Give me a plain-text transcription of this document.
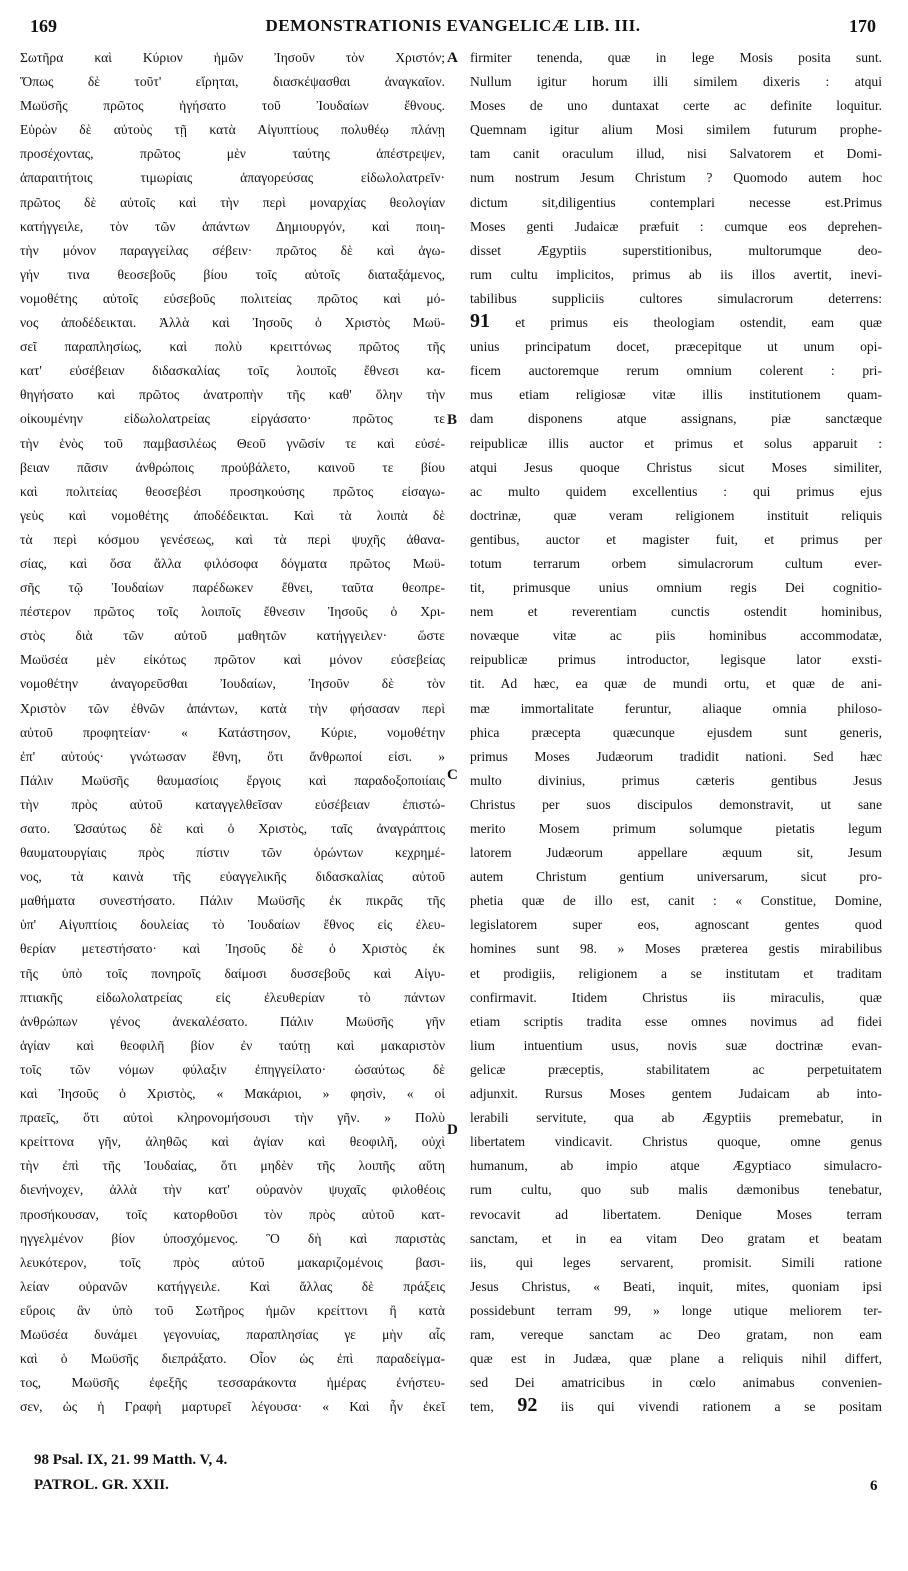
169	DEMONSTRATIONIS EVANGELICÆ LIB. III.	170
Σωτῆρα καὶ Κύριον ἡμῶν Ἰησοῦν τὸν Χριστόν;
Ὅπως δὲ τοῦτ' εἴρηται, διασκέψασθαι ἀναγκαῖον.
Μωϋσῆς πρῶτος ἡγήσατο τοῦ Ἰουδαίων ἔθνους.
Εὑρὼν δὲ αὐτοὺς τῇ κατὰ Αἰγυπτίους πολυθέῳ πλάνῃ
προσέχοντας, πρῶτος μὲν ταύτης ἀπέστρεψεν,
ἀπαραιτήτοις τιμωρίαις ἀπαγορεύσας εἰδωλολατρεῖν·
πρῶτος δὲ αὐτοῖς καὶ τὴν περὶ μοναρχίας θεολογίαν
κατήγγειλε, τὸν τῶν ἁπάντων Δημιουργόν, καὶ ποιη-
τὴν μόνον παραγγείλας σέβειν· πρῶτος δὲ καὶ ἀγω-
γήν τινα θεοσεβοῦς βίου τοῖς αὐτοῖς διαταξάμενος,
νομοθέτης αὐτοῖς εὐσεβοῦς πολιτείας πρῶτος καὶ μό-
νος ἀποδέδεικται. Ἀλλὰ καὶ Ἰησοῦς ὁ Χριστὸς Μωϋ-
σεῖ παραπλησίως, καὶ πολὺ κρειττόνως πρῶτος τῆς
κατ' εὐσέβειαν διδασκαλίας τοῖς λοιποῖς ἔθνεσι κα-
θηγήσατο καὶ πρῶτος ἀνατροπὴν τῆς καθ' ὅλην τὴν
οἰκουμένην εἰδωλολατρείας εἰργάσατο· πρῶτος τε
τὴν ἑνὸς τοῦ παμβασιλέως Θεοῦ γνῶσίν τε καὶ εὐσέ-
βειαν πᾶσιν ἀνθρώποις προὐβάλετο, καινοῦ τε βίου
καὶ πολιτείας θεοσεβέσι προσηκούσης πρῶτος εἰσαγω-
γεὺς καὶ νομοθέτης ἀποδέδεικται. Καὶ τὰ λοιπὰ δὲ
τὰ περὶ κόσμου γενέσεως, καὶ τὰ περὶ ψυχῆς ἀθανα-
σίας, καὶ ὅσα ἄλλα φιλόσοφα δόγματα πρῶτος Μωϋ-
σῆς τῷ Ἰουδαίων παρέδωκεν ἔθνει, ταῦτα θεοπρε-
πέστερον πρῶτος τοῖς λοιποῖς ἔθνεσιν Ἰησοῦς ὁ Χρι-
στὸς διὰ τῶν αὐτοῦ μαθητῶν κατήγγειλεν· ὥστε
Μωϋσέα μὲν εἰκότως πρῶτον καὶ μόνον εὐσεβείας
νομοθέτην ἀναγορεῦσθαι Ἰουδαίων, Ἰησοῦν δὲ τὸν
Χριστὸν τῶν ἐθνῶν ἁπάντων, κατὰ τὴν φήσασαν περὶ
αὐτοῦ προφητείαν· « Κατάστησον, Κύριε, νομοθέτην
ἐπ' αὐτούς· γνώτωσαν ἔθνη, ὅτι ἄνθρωποί εἰσι. »
Πάλιν Μωϋσῆς θαυμασίοις ἔργοις καὶ παραδοξοποιίαις
τὴν πρὸς αὐτοῦ καταγγελθεῖσαν εὐσέβειαν ἐπιστώ-
σατο. Ὡσαύτως δὲ καὶ ὁ Χριστὸς, ταῖς ἀναγράπτοις
θαυματουργίαις πρὸς πίστιν τῶν ὁρώντων κεχρημέ-
νος, τὰ καινὰ τῆς εὐαγγελικῆς διδασκαλίας αὐτοῦ
μαθήματα συνεστήσατο. Πάλιν Μωϋσῆς ἐκ πικρᾶς τῆς
ὑπ' Αἰγυπτίοις δουλείας τὸ Ἰουδαίων ἔθνος εἰς ἐλευ-
θερίαν μετεστήσατο· καὶ Ἰησοῦς δὲ ὁ Χριστὸς ἐκ
τῆς ὑπὸ τοῖς πονηροῖς δαίμοσι δυσσεβοῦς καὶ Αἰγυ-
πτιακῆς εἰδωλολατρείας εἰς ἐλευθερίαν τὸ πάντων
ἀνθρώπων γένος ἀνεκαλέσατο. Πάλιν Μωϋσῆς γῆν
ἁγίαν καὶ θεοφιλῆ βίον ἐν ταύτῃ καὶ μακαριστὸν
τοῖς τῶν νόμων φύλαξιν ἐπηγγείλατο· ὡσαύτως δὲ
καὶ Ἰησοῦς ὁ Χριστὸς, « Μακάριοι, » φησὶν, « οἱ
πραεῖς, ὅτι αὐτοὶ κληρονομήσουσι τὴν γῆν. » Πολὺ
κρείττονα γῆν, ἀληθῶς καὶ ἁγίαν καὶ θεοφιλῆ, οὐχὶ
τὴν ἐπὶ τῆς Ἰουδαίας, ὅτι μηδὲν τῆς λοιπῆς αὕτη
διενήνοχεν, ἀλλὰ τὴν κατ' οὐρανὸν ψυχαῖς φιλοθέοις
προσήκουσαν, τοῖς κατορθοῦσι τὸν πρὸς αὐτοῦ κατ-
ηγγελμένον βίον ὑποσχόμενος. Ὃ δὴ καὶ παριστὰς
λευκότερον, τοῖς πρὸς αὐτοῦ μακαριζομένοις βασι-
λείαν οὐρανῶν κατήγγειλε. Καὶ ἄλλας δὲ πράξεις
εὕροις ἂν ὑπὸ τοῦ Σωτῆρος ἡμῶν κρείττονι ἢ κατὰ
Μωϋσέα δυνάμει γεγονυίας, παραπλησίας γε μὴν αἷς
καὶ ὁ Μωϋσῆς διεπράξατο. Οἷον ὡς ἐπὶ παραδείγμα-
τος, Μωϋσῆς ἐφεξῆς τεσσαράκοντα ἡμέρας ἐνήστευ-
σεν, ὡς ἡ Γραφὴ μαρτυρεῖ λέγουσα· « Καὶ ἦν ἐκεῖ
firmiter tenenda, quæ in lege Mosis posita sunt.
Nullum igitur horum illi similem dixeris : atqui
Moses de uno duntaxat certe ac definite loquitur.
Quemnam igitur alium Mosi similem futurum prophe-
tam canit oraculum illud, nisi Salvatorem et Domi-
num nostrum Jesum Christum ? Quomodo autem hoc
dictum sit,diligentius contemplari necesse est.Primus
Moses genti Judaicæ præfuit : cumque eos deprehen-
disset Ægyptiis superstitionibus, multorumque deo-
rum cultu implicitos, primus ab iis illos avertit, inevi-
tabilibus suppliciis cultores simulacrorum deterrens:
91 et primus eis theologiam ostendit, eam quæ
unius principatum docet, præcepitque ut unum opi-
ficem auctoremque rerum omnium colerent : pri-
mus etiam religiosæ vitæ illis institutionem quam-
dam disponens atque assignans, piæ sanctæque
reipublicæ illis auctor et primus et solus apparuit :
atqui Jesus quoque Christus sicut Moses similiter,
ac multo quidem excellentius : qui primus ejus
doctrinæ, quæ veram religionem instituit reliquis
gentibus, auctor et magister fuit, et primus per
totum terrarum orbem simulacrorum cultum ever-
tit, primusque unius omnium regis Dei cognitio-
nem et reverentiam cunctis ostendit hominibus,
novæque vitæ ac piis hominibus accommodatæ,
reipublicæ primus introductor, legisque lator exsti-
tit. Ad hæc, ea quæ de mundi ortu, et quæ de ani-
mæ immortalitate feruntur, aliaque omnia philoso-
phica præcepta quæcunque ejusdem sunt generis,
primus Moses Judæorum tradidit nationi. Sed hæc
multo divinius, primus cæteris gentibus Jesus
Christus per suos discipulos demonstravit, ut sane
merito Mosem primum solumque pietatis legum
latorem Judæorum appellare æquum sit, Jesum
autem Christum gentium universarum, sicut pro-
phetia quæ de illo est, canit : « Constitue, Domine,
legislatorem super eos, agnoscant gentes quod
homines sunt 98. » Moses præterea gestis mirabilibus
et prodigiis, religionem a se institutam et traditam
confirmavit. Itidem Christus iis miraculis, quæ
etiam scriptis tradita esse omnes novimus ad fidei
lium intuentium usus, novis suæ doctrinæ evan-
gelicæ præceptis, stabilitatem ac perpetuitatem
adjunxit. Rursus Moses gentem Judaicam ab into-
lerabili servitute, qua ab Ægyptiis premebatur, in
libertatem vindicavit. Christus quoque, omne genus
humanum, ab impio atque Ægyptiaco simulacro-
rum cultu, quo sub malis dæmonibus tenebatur,
revocavit ad libertatem. Denique Moses terram
sanctam, et in ea vitam Deo gratam et beatam
iis, qui leges servarent, promisit. Simili ratione
Jesus Christus, « Beati, inquit, mites, quoniam ipsi
possidebunt terram 99, » longe utique meliorem ter-
ram, vereque sanctam ac Deo gratam, non eam
quæ est in Judæa, quæ plane a reliquis nihil differt,
sed Dei amatricibus in cœlo animabus convenien-
tem, 92 iis qui vivendi rationem a se positam
A
B
C
D
98 Psal. IX, 21. 99 Matth. V, 4.
PATROL. GR. XXII.	6
